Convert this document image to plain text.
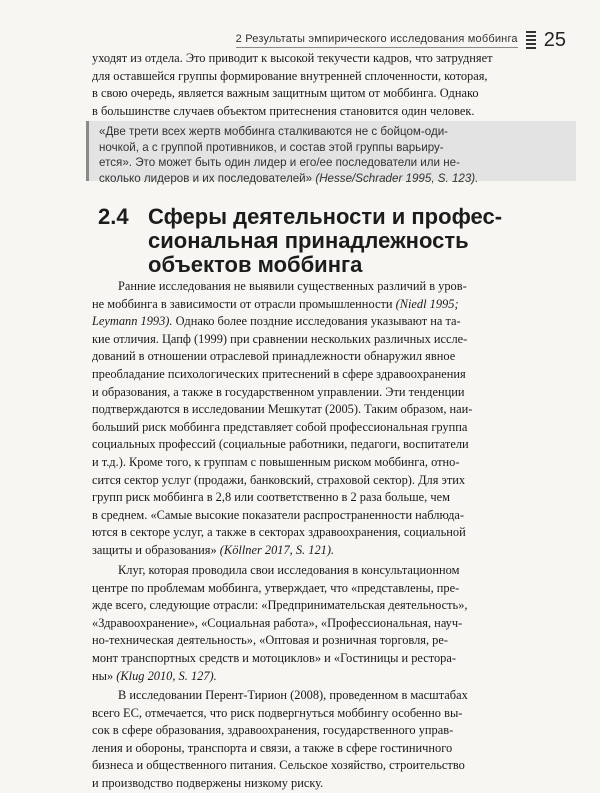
2 Результаты эмпирического исследования моббинга 25

уходят из отдела. Это приводит к высокой текучести кадров, что затрудняет

для оставшейся группы формирование внутренней сплоченности, которая,

в свою очередь, является важным защитным щитом от моббинга. Однако

в большинстве случаев объектом притеснения становится один человек.

«Две трети всех жертв моббинга сталкиваются не с бойцом-оди-
ночкой, а с группой противников, и состав этой группы варьиру-
ется». Это может быть один лидер и его/ее последователи или не-
сколько лидеров и их последователей» (Hesse/Schrader 1995, S. 123).
2.4 Сферы деятельности и профес-
сиональная принадлежность
объектов моббинга

Ранние исследования не выявили существенных различий в уров-

не моббинга в зависимости от отрасли промышленности (Niedl 1995;

Leymann 1993). Однако более поздние исследования указывают на та-

кие отличия. Цапф (1999) при сравнении нескольких различных иссле-

дований в отношении отраслевой принадлежности обнаружил явное

преобладание психологических притеснений в сфере здравоохранения

и образования, а также в государственном управлении. Эти тенденции

подтверждаются в исследовании Мешкутат (2005). Таким образом, наи-

больший риск моббинга представляет собой профессиональная группа

социальных профессий (социальные работники, педагоги, воспитатели

и т.д.). Кроме того, к группам с повышенным риском моббинга, отно-

сится сектор услуг (продажи, банковский, страховой сектор). Для этих

групп риск моббинга в 2,8 или соответственно в 2 раза больше, чем

в среднем. «Самые высокие показатели распространенности наблюда-

ются в секторе услуг, а также в секторах здравоохранения, социальной

защиты и образования» (Köllner 2017, S. 121).

Клуг, которая проводила свои исследования в консультационном

центре по проблемам моббинга, утверждает, что «представлены, пре-

жде всего, следующие отрасли: «Предпринимательская деятельность»,

«Здравоохранение», «Социальная работа», «Профессиональная, науч-

но-техническая деятельность», «Оптовая и розничная торговля, ре-

монт транспортных средств и мотоциклов» и «Гостиницы и рестора-

ны» (Klug 2010, S. 127).

В исследовании Перент-Тирион (2008), проведенном в масштабах

всего ЕС, отмечается, что риск подвергнуться моббингу особенно вы-

сок в сфере образования, здравоохранения, государственного управ-

ления и обороны, транспорта и связи, а также в сфере гостиничного

бизнеса и общественного питания. Сельское хозяйство, строительство

и производство подвержены низкому риску.
